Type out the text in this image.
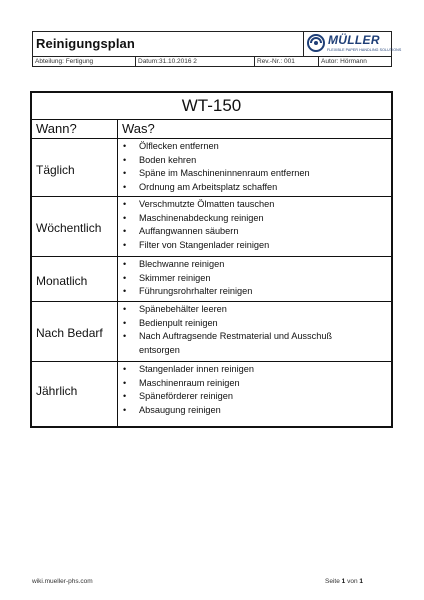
Reinigungsplan	MÜLLER
FLEXIBLE PAPER HANDLING SOLUTIONS
Abteilung: Fertigung	Datum:31.10.2016 2	Rev.-Nr.: 001	Autor: Hörmann
WT-150
Wann?	Was?
Täglich
• Ölflecken entfernen
• Boden kehren
• Späne im Maschineninnenraum entfernen
• Ordnung am Arbeitsplatz schaffen
Wöchentlich
• Verschmutzte Ölmatten tauschen
• Maschinenabdeckung reinigen
• Auffangwannen säubern
• Filter von Stangenlader reinigen
Monatlich
• Blechwanne reinigen
• Skimmer reinigen
• Führungsrohrhalter reinigen
Nach Bedarf
• Spänebehälter leeren
• Bedienpult reinigen
• Nach Auftragsende Restmaterial und Ausschuß
entsorgen
Jährlich
• Stangenlader innen reinigen
• Maschinenraum reinigen
• Späneförderer reinigen
• Absaugung reinigen
wiki.mueller-phs.com	Seite 1 von 1
